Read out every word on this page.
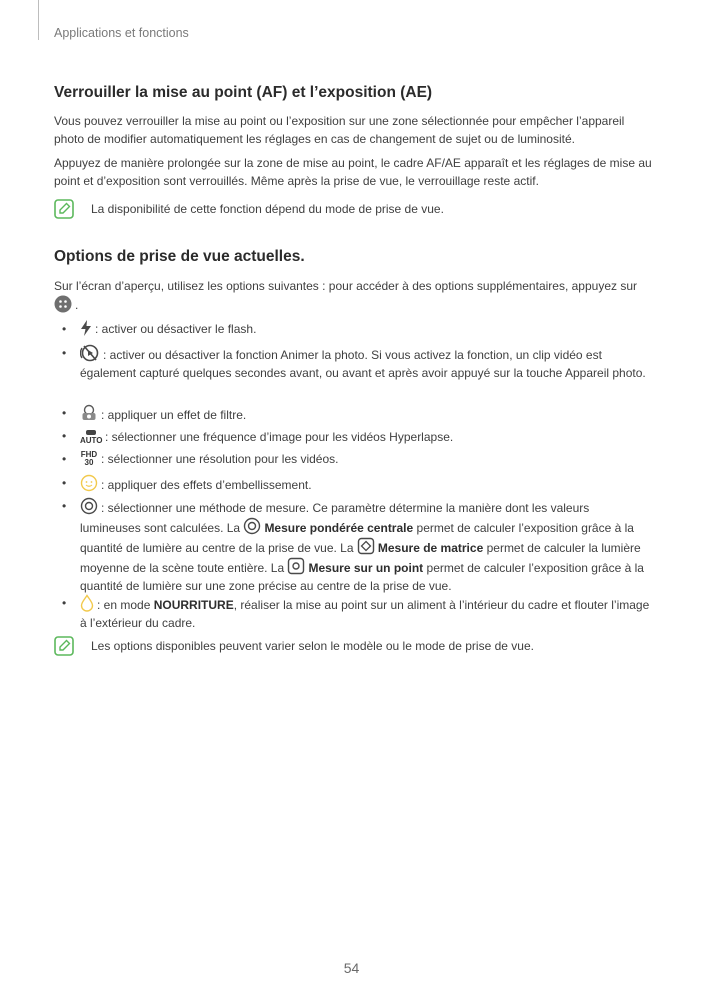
Applications et fonctions
Verrouiller la mise au point (AF) et l’exposition (AE)
Vous pouvez verrouiller la mise au point ou l’exposition sur une zone sélectionnée pour empêcher l’appareil photo de modifier automatiquement les réglages en cas de changement de sujet ou de luminosité.
Appuyez de manière prolongée sur la zone de mise au point, le cadre AF/AE apparaît et les réglages de mise au point et d’exposition sont verrouillés. Même après la prise de vue, le verrouillage reste actif.
La disponibilité de cette fonction dépend du mode de prise de vue.
Options de prise de vue actuelles.
Sur l’écran d’aperçu, utilisez les options suivantes : pour accéder à des options supplémentaires, appuyez sur
.
•	: activer ou désactiver le flash.
•	: activer ou désactiver la fonction Animer la photo. Si vous activez la fonction, un clip vidéo est également capturé quelques secondes avant, ou avant et après avoir appuyé sur la touche Appareil photo.
•	: appliquer un effet de filtre.
• AUTO : sélectionner une fréquence d’image pour les vidéos Hyperlapse.
• FHD
30 : sélectionner une résolution pour les vidéos.
•	: appliquer des effets d’embellissement.
•	: sélectionner une méthode de mesure. Ce paramètre détermine la manière dont les valeurs lumineuses sont calculées. La Mesure pondérée centrale permet de calculer l’exposition grâce à la quantité de lumière au centre de la prise de vue. La Mesure de matrice permet de calculer la lumière moyenne de la scène toute entière. La Mesure sur un point permet de calculer l’exposition grâce à la quantité de lumière sur une zone précise au centre de la prise de vue.
•	: en mode NOURRITURE, réaliser la mise au point sur un aliment à l’intérieur du cadre et flouter l’image à l’extérieur du cadre.
Les options disponibles peuvent varier selon le modèle ou le mode de prise de vue.
54
